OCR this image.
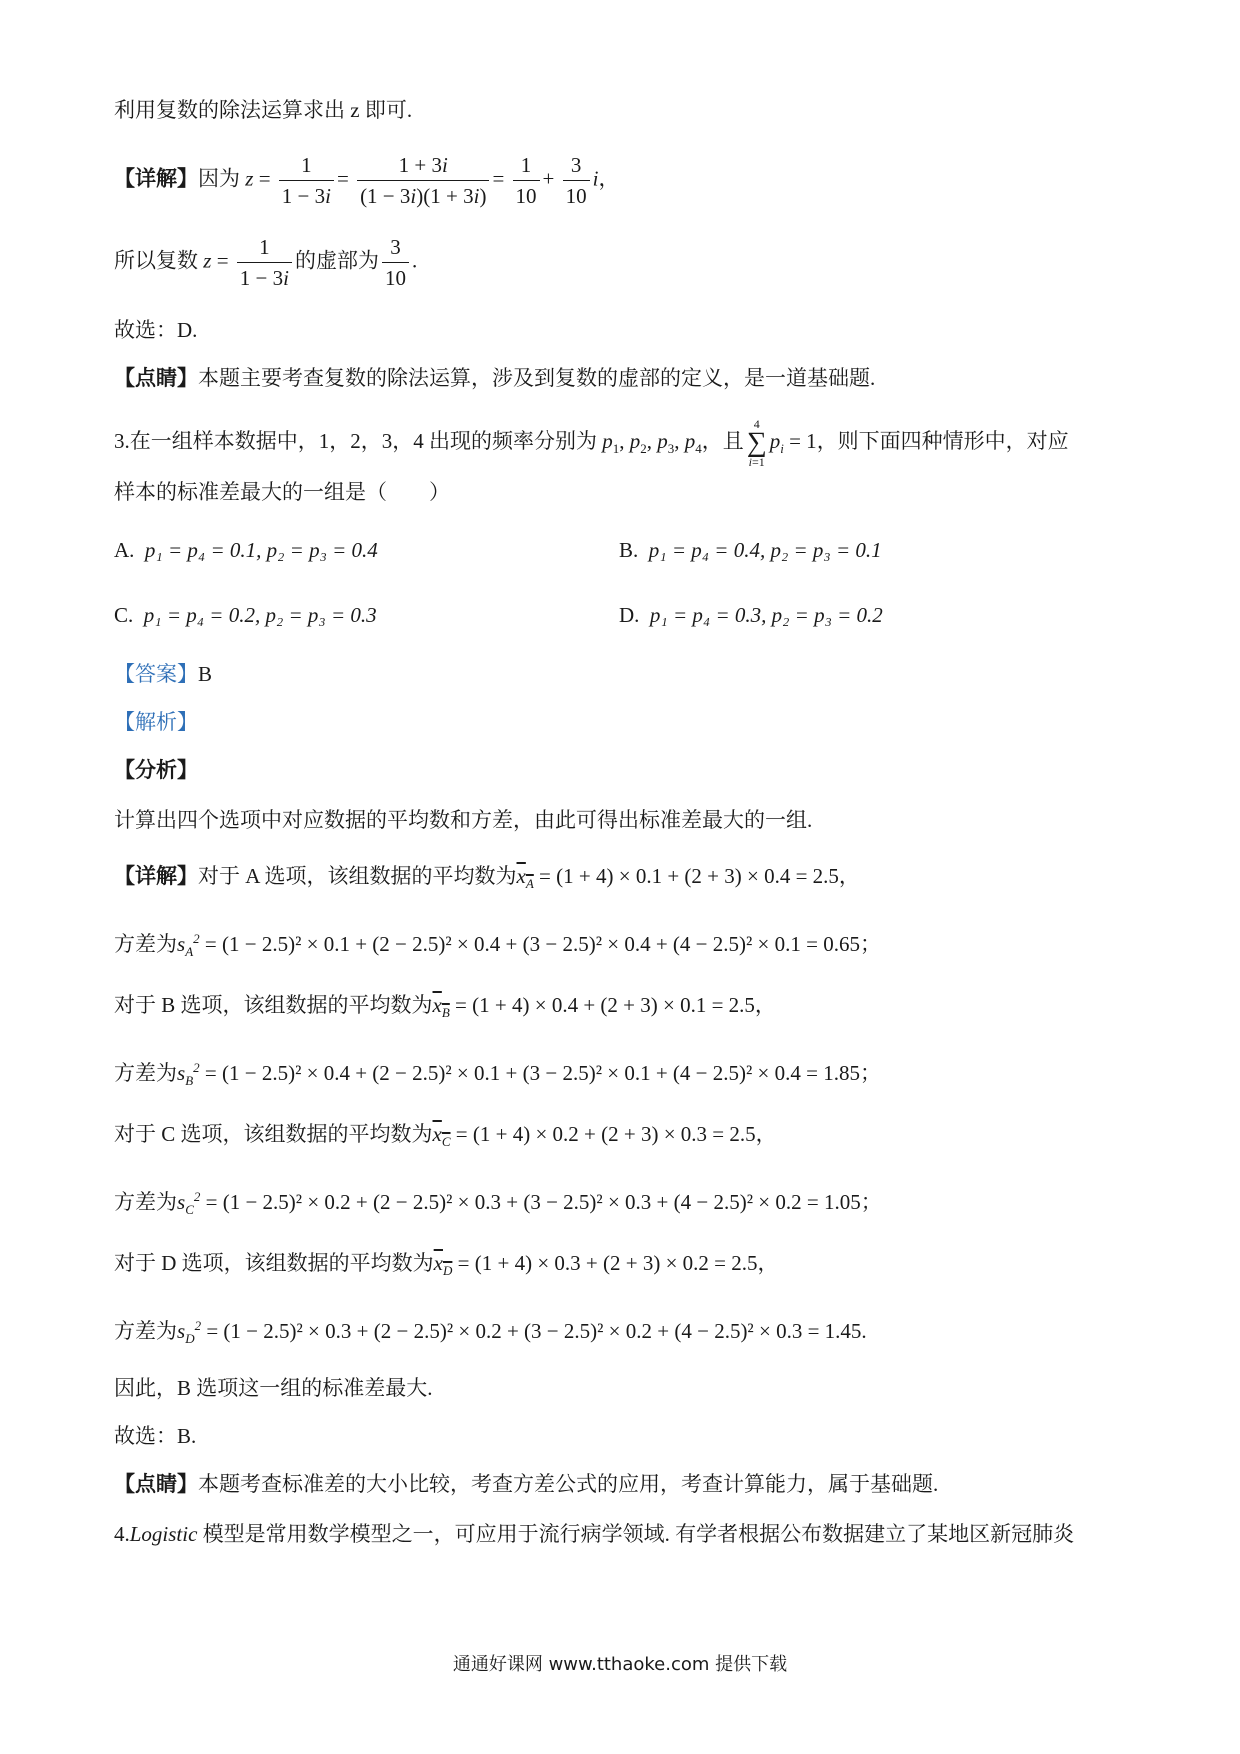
利用复数的除法运算求出 z 即可.
【详解】因为 $z = \frac{1}{1 - 3i} = \frac{1 + 3i}{(1 - 3i)(1 + 3i)} = \frac{1}{10} + \frac{3}{10}$ i，
所以复数 $z = \frac{1}{1 - 3i}$ 的虚部为 $\frac{3}{10}$ .
故选：D.
【点睛】本题主要考查复数的除法运算，涉及到复数的虚部的定义，是一道基础题.
3.在一组样本数据中，1，2，3，4 出现的频率分别为 $p_1$, $p_2$, $p_3$, $p_4$，且4
∑
$i=1p_i = 1$，则下面四种情形中，对应
样本的标准差最大的一组是（　　）
A. p₁ = p₄ = 0.1, p₂ = p₃ = 0.4	B. p₁ = p₄ = 0.4, p₂ = p₃ = 0.1
C. p₁ = p₄ = 0.2, p₂ = p₃ = 0.3	D. p₁ = p₄ = 0.3, p₂ = p₃ = 0.2
【答案】B
【解析】
【分析】
计算出四个选项中对应数据的平均数和方差，由此可得出标准差最大的一组.
【详解】对于 A 选项，该组数据的平均数为$x_A = (1 + 4) \times 0.1 + (2 + 3) \times 0.4 = 2.5$，
方差为$s_A^2 = (1 - 2.5)^2 \times 0.1 + (2 - 2.5)^2 \times 0.4 + (3 - 2.5)^2 \times 0.4 + (4 - 2.5)^2 \times 0.1 = 0.65$；
对于 B 选项，该组数据的平均数为$x_B = (1 + 4) \times 0.4 + (2 + 3) \times 0.1 = 2.5$，
方差为$s_B^2 = (1 - 2.5)^2 \times 0.4 + (2 - 2.5)^2 \times 0.1 + (3 - 2.5)^2 \times 0.1 + (4 - 2.5)^2 \times 0.4 = 1.85$；
对于 C 选项，该组数据的平均数为$x_C = (1 + 4) \times 0.2 + (2 + 3) \times 0.3 = 2.5$，
方差为$s_C^2 = (1 - 2.5)^2 \times 0.2 + (2 - 2.5)^2 \times 0.3 + (3 - 2.5)^2 \times 0.3 + (4 - 2.5)^2 \times 0.2 = 1.05$；
对于 D 选项，该组数据的平均数为$x_D = (1 + 4) \times 0.3 + (2 + 3) \times 0.2 = 2.5$，
方差为$s_D^2 = (1 - 2.5)^2 \times 0.3 + (2 - 2.5)^2 \times 0.2 + (3 - 2.5)^2 \times 0.2 + (4 - 2.5)^2 \times 0.3 = 1.45$.
因此，B 选项这一组的标准差最大.
故选：B.
【点睛】本题考查标准差的大小比较，考查方差公式的应用，考查计算能力，属于基础题.
4.Logistic 模型是常用数学模型之一，可应用于流行病学领域. 有学者根据公布数据建立了某地区新冠肺炎
通通好课网 www.tthaoke.com 提供下载
